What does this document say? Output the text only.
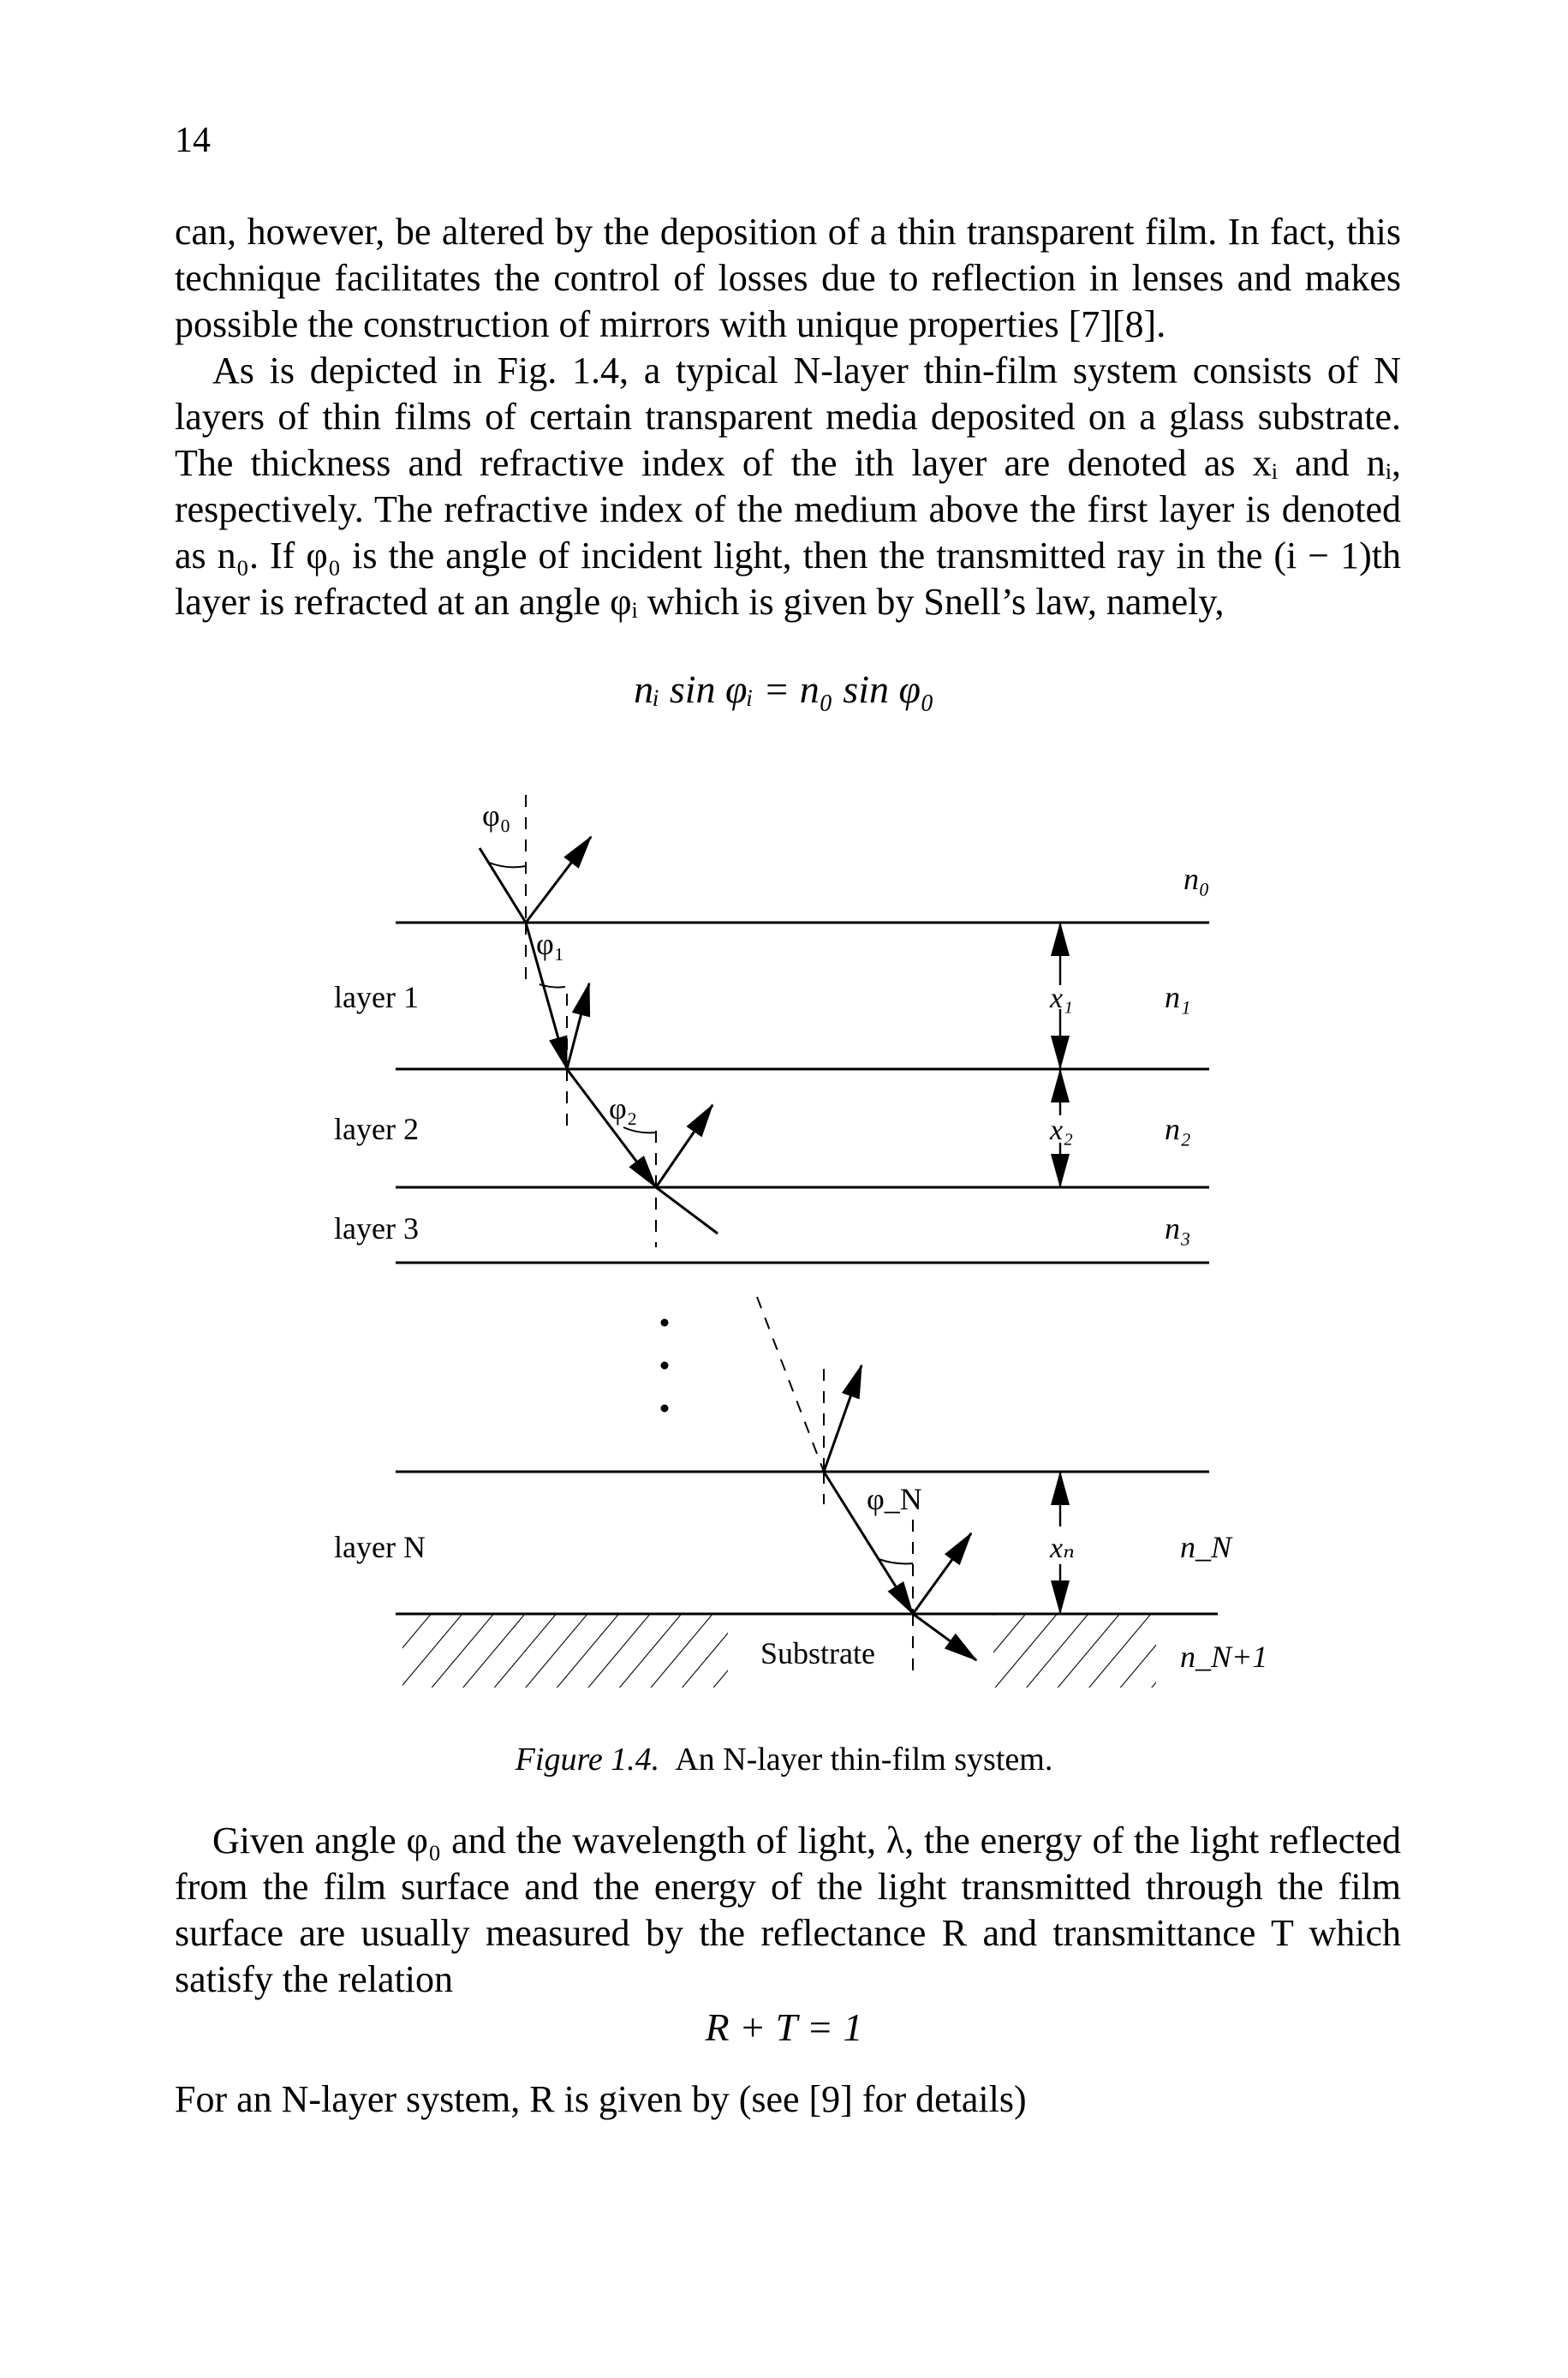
14

can, however, be altered by the deposition of a thin transparent film. In fact, this

technique facilitates the control of losses due to reflection in lenses and makes

possible the construction of mirrors with unique properties [7][8].

As is depicted in Fig. 1.4, a typical N-layer thin-film system consists of N

layers of thin films of certain transparent media deposited on a glass substrate.

The thickness and refractive index of the ith layer are denoted as xᵢ and nᵢ,

respectively. The refractive index of the medium above the first layer is denoted

as n₀. If φ₀ is the angle of incident light, then the transmitted ray in the (i − 1)th

layer is refracted at an angle φᵢ which is given by Snell’s law, namely,

nᵢ sin φᵢ = n₀ sin φ₀
layer 1
layer 2
layer 3
layer N
n₀
n₁
n₂
n₃
n_N
n_N+1
x₁
x₂
xₙ
φ₀
φ₁
φ₂
φ_N
Substrate
Figure 1.4. An N-layer thin-film system.

Given angle φ₀ and the wavelength of light, λ, the energy of the light reflected

from the film surface and the energy of the light transmitted through the film

surface are usually measured by the reflectance R and transmittance T which

satisfy the relation

R + T = 1

For an N-layer system, R is given by (see [9] for details)
